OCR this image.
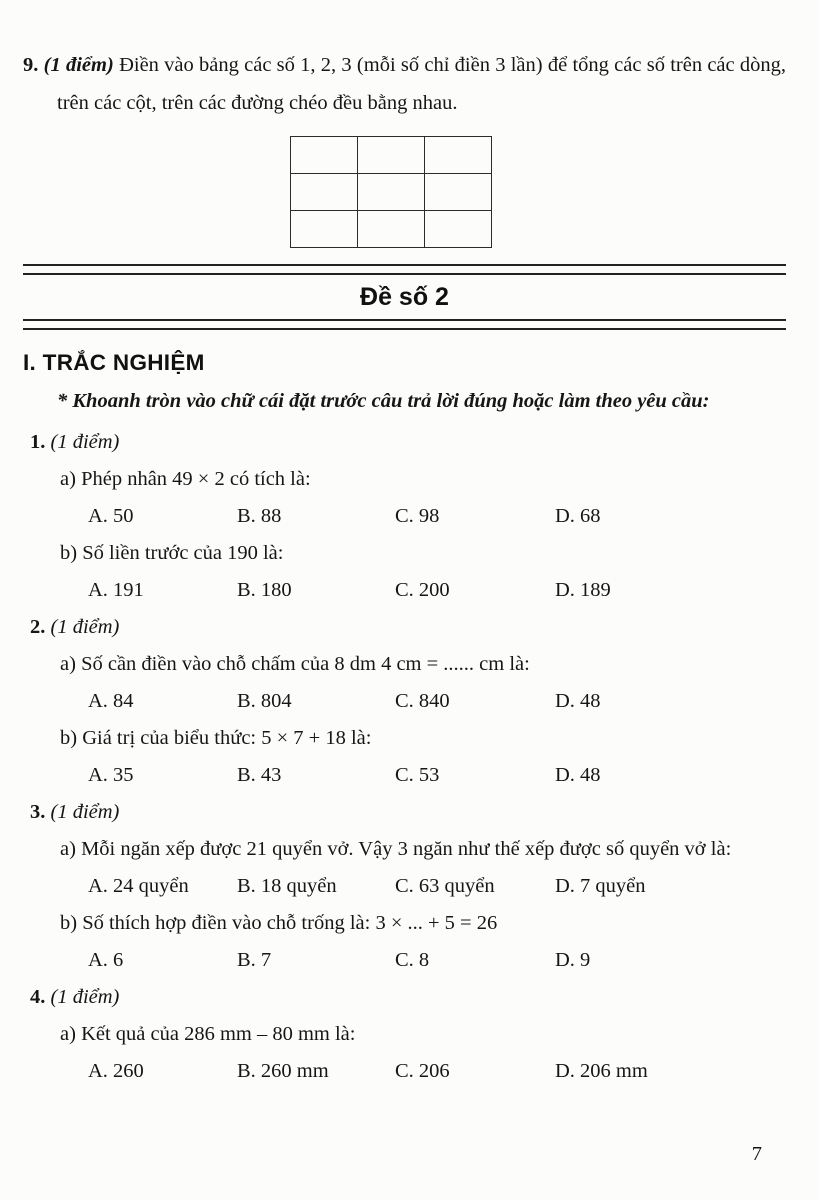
9. (1 điểm) Điền vào bảng các số 1, 2, 3 (mỗi số chỉ điền 3 lần) để tổng các số trên các dòng, trên các cột, trên các đường chéo đều bằng nhau.

Đề số 2
I. TRẮC NGHIỆM

* Khoanh tròn vào chữ cái đặt trước câu trả lời đúng hoặc làm theo yêu cầu:

1. (1 điểm)

a) Phép nhân 49 × 2 có tích là:

A. 50	B. 88	C. 98	D. 68

b) Số liền trước của 190 là:

A. 191	B. 180	C. 200	D. 189

2. (1 điểm)

a) Số cần điền vào chỗ chấm của 8 dm 4 cm = ...... cm là:

A. 84	B. 804	C. 840	D. 48

b) Giá trị của biểu thức: 5 × 7 + 18 là:

A. 35	B. 43	C. 53	D. 48

3. (1 điểm)

a) Mỗi ngăn xếp được 21 quyển vở. Vậy 3 ngăn như thế xếp được số quyển vở là:

A. 24 quyển	B. 18 quyển	C. 63 quyển	D. 7 quyển

b) Số thích hợp điền vào chỗ trống là: 3 × ... + 5 = 26

A. 6	B. 7	C. 8	D. 9

4. (1 điểm)

a) Kết quả của 286 mm – 80 mm là:

A. 260	B. 260 mm	C. 206	D. 206 mm
7
